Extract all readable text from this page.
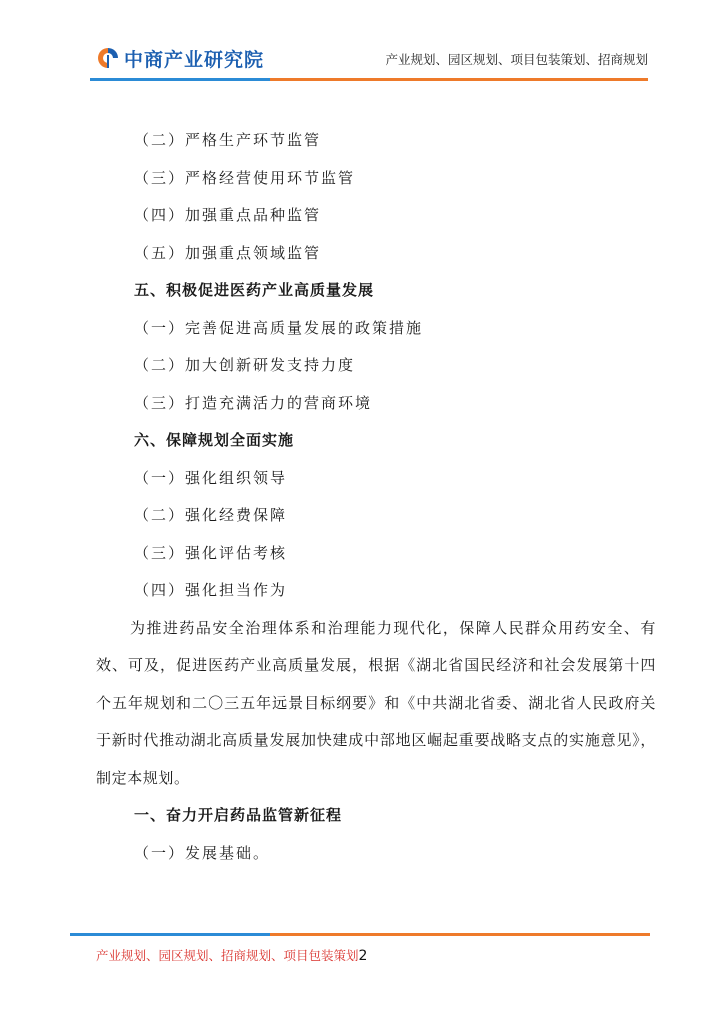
中商产业研究院	产业规划、园区规划、项目包装策划、招商规划
（二）严格生产环节监管
（三）严格经营使用环节监管
（四）加强重点品种监管
（五）加强重点领域监管
五、积极促进医药产业高质量发展
（一）完善促进高质量发展的政策措施
（二）加大创新研发支持力度
（三）打造充满活力的营商环境
六、保障规划全面实施
（一）强化组织领导
（二）强化经费保障
（三）强化评估考核
（四）强化担当作为
为推进药品安全治理体系和治理能力现代化，保障人民群众用药安全、有效、可及，促进医药产业高质量发展，根据《湖北省国民经济和社会发展第十四个五年规划和二〇三五年远景目标纲要》和《中共湖北省委、湖北省人民政府关于新时代推动湖北高质量发展加快建成中部地区崛起重要战略支点的实施意见》，制定本规划。
一、奋力开启药品监管新征程
（一）发展基础。
产业规划、园区规划、招商规划、项目包装策划2
